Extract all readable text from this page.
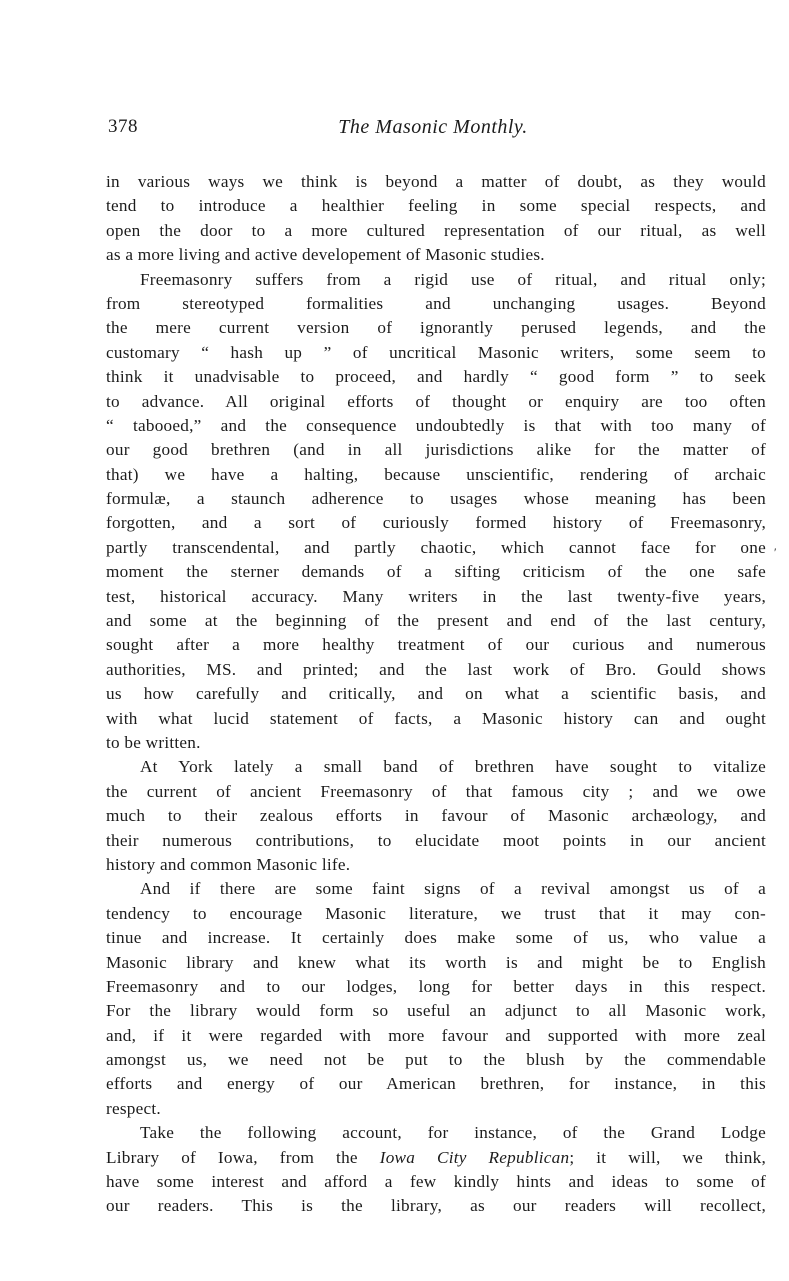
378	The Masonic Monthly.
′
in various ways we think is beyond a matter of doubt, as they would
tend to introduce a healthier feeling in some special respects, and
open the door to a more cultured representation of our ritual, as well
as a more living and active developement of Masonic studies.
Freemasonry suffers from a rigid use of ritual, and ritual only;
from stereotyped formalities and unchanging usages. Beyond
the mere current version of ignorantly perused legends, and the
customary “ hash up ” of uncritical Masonic writers, some seem to
think it unadvisable to proceed, and hardly “ good form ” to seek
to advance. All original efforts of thought or enquiry are too often
“ tabooed,” and the consequence undoubtedly is that with too many of
our good brethren (and in all jurisdictions alike for the matter of
that) we have a halting, because unscientific, rendering of archaic
formulæ, a staunch adherence to usages whose meaning has been
forgotten, and a sort of curiously formed history of Freemasonry,
partly transcendental, and partly chaotic, which cannot face for one
moment the sterner demands of a sifting criticism of the one safe
test, historical accuracy. Many writers in the last twenty-five years,
and some at the beginning of the present and end of the last century,
sought after a more healthy treatment of our curious and numerous
authorities, MS. and printed; and the last work of Bro. Gould shows
us how carefully and critically, and on what a scientific basis, and
with what lucid statement of facts, a Masonic history can and ought
to be written.
At York lately a small band of brethren have sought to vitalize
the current of ancient Freemasonry of that famous city ; and we owe
much to their zealous efforts in favour of Masonic archæology, and
their numerous contributions, to elucidate moot points in our ancient
history and common Masonic life.
And if there are some faint signs of a revival amongst us of a
tendency to encourage Masonic literature, we trust that it may con-
tinue and increase. It certainly does make some of us, who value a
Masonic library and knew what its worth is and might be to English
Freemasonry and to our lodges, long for better days in this respect.
For the library would form so useful an adjunct to all Masonic work,
and, if it were regarded with more favour and supported with more zeal
amongst us, we need not be put to the blush by the commendable
efforts and energy of our American brethren, for instance, in this
respect.
Take the following account, for instance, of the Grand Lodge
Library of Iowa, from the Iowa City Republican; it will, we think,
have some interest and afford a few kindly hints and ideas to some of
our readers. This is the library, as our readers will recollect,
